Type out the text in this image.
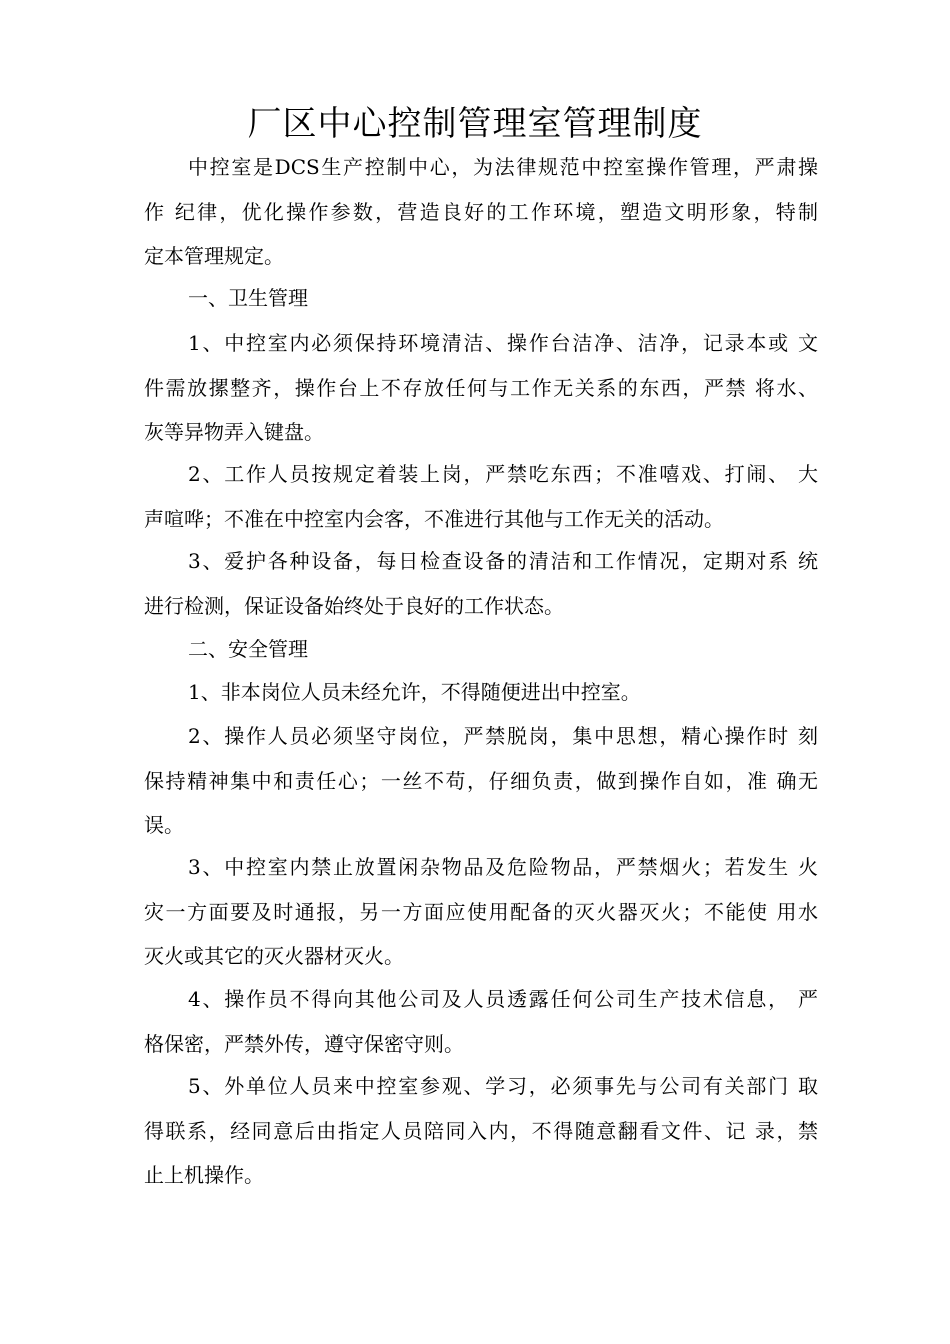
厂区中心控制管理室管理制度
中控室是DCS生产控制中心，为法律规范中控室操作管理，严肃操
作 纪律，优化操作参数，营造良好的工作环境，塑造文明形象，特制
定本管理规定。
一、卫生管理
1、中控室内必须保持环境清洁、操作台洁净、洁净，记录本或 文
件需放摞整齐，操作台上不存放任何与工作无关系的东西，严禁 将水、
灰等异物弄入键盘。
2、工作人员按规定着装上岗，严禁吃东西；不准嘻戏、打闹、 大
声喧哗；不准在中控室内会客，不准进行其他与工作无关的活动。
3、爱护各种设备，每日检查设备的清洁和工作情况，定期对系 统
进行检测，保证设备始终处于良好的工作状态。
二、安全管理
1、非本岗位人员未经允许，不得随便进出中控室。
2、操作人员必须坚守岗位，严禁脱岗，集中思想，精心操作时 刻
保持精神集中和责任心；一丝不苟，仔细负责，做到操作自如，准 确无
误。
3、中控室内禁止放置闲杂物品及危险物品，严禁烟火；若发生 火
灾一方面要及时通报，另一方面应使用配备的灭火器灭火；不能使 用水
灭火或其它的灭火器材灭火。
4、操作员不得向其他公司及人员透露任何公司生产技术信息， 严
格保密，严禁外传，遵守保密守则。
5、外单位人员来中控室参观、学习，必须事先与公司有关部门 取
得联系，经同意后由指定人员陪同入内，不得随意翻看文件、记 录，禁
止上机操作。
